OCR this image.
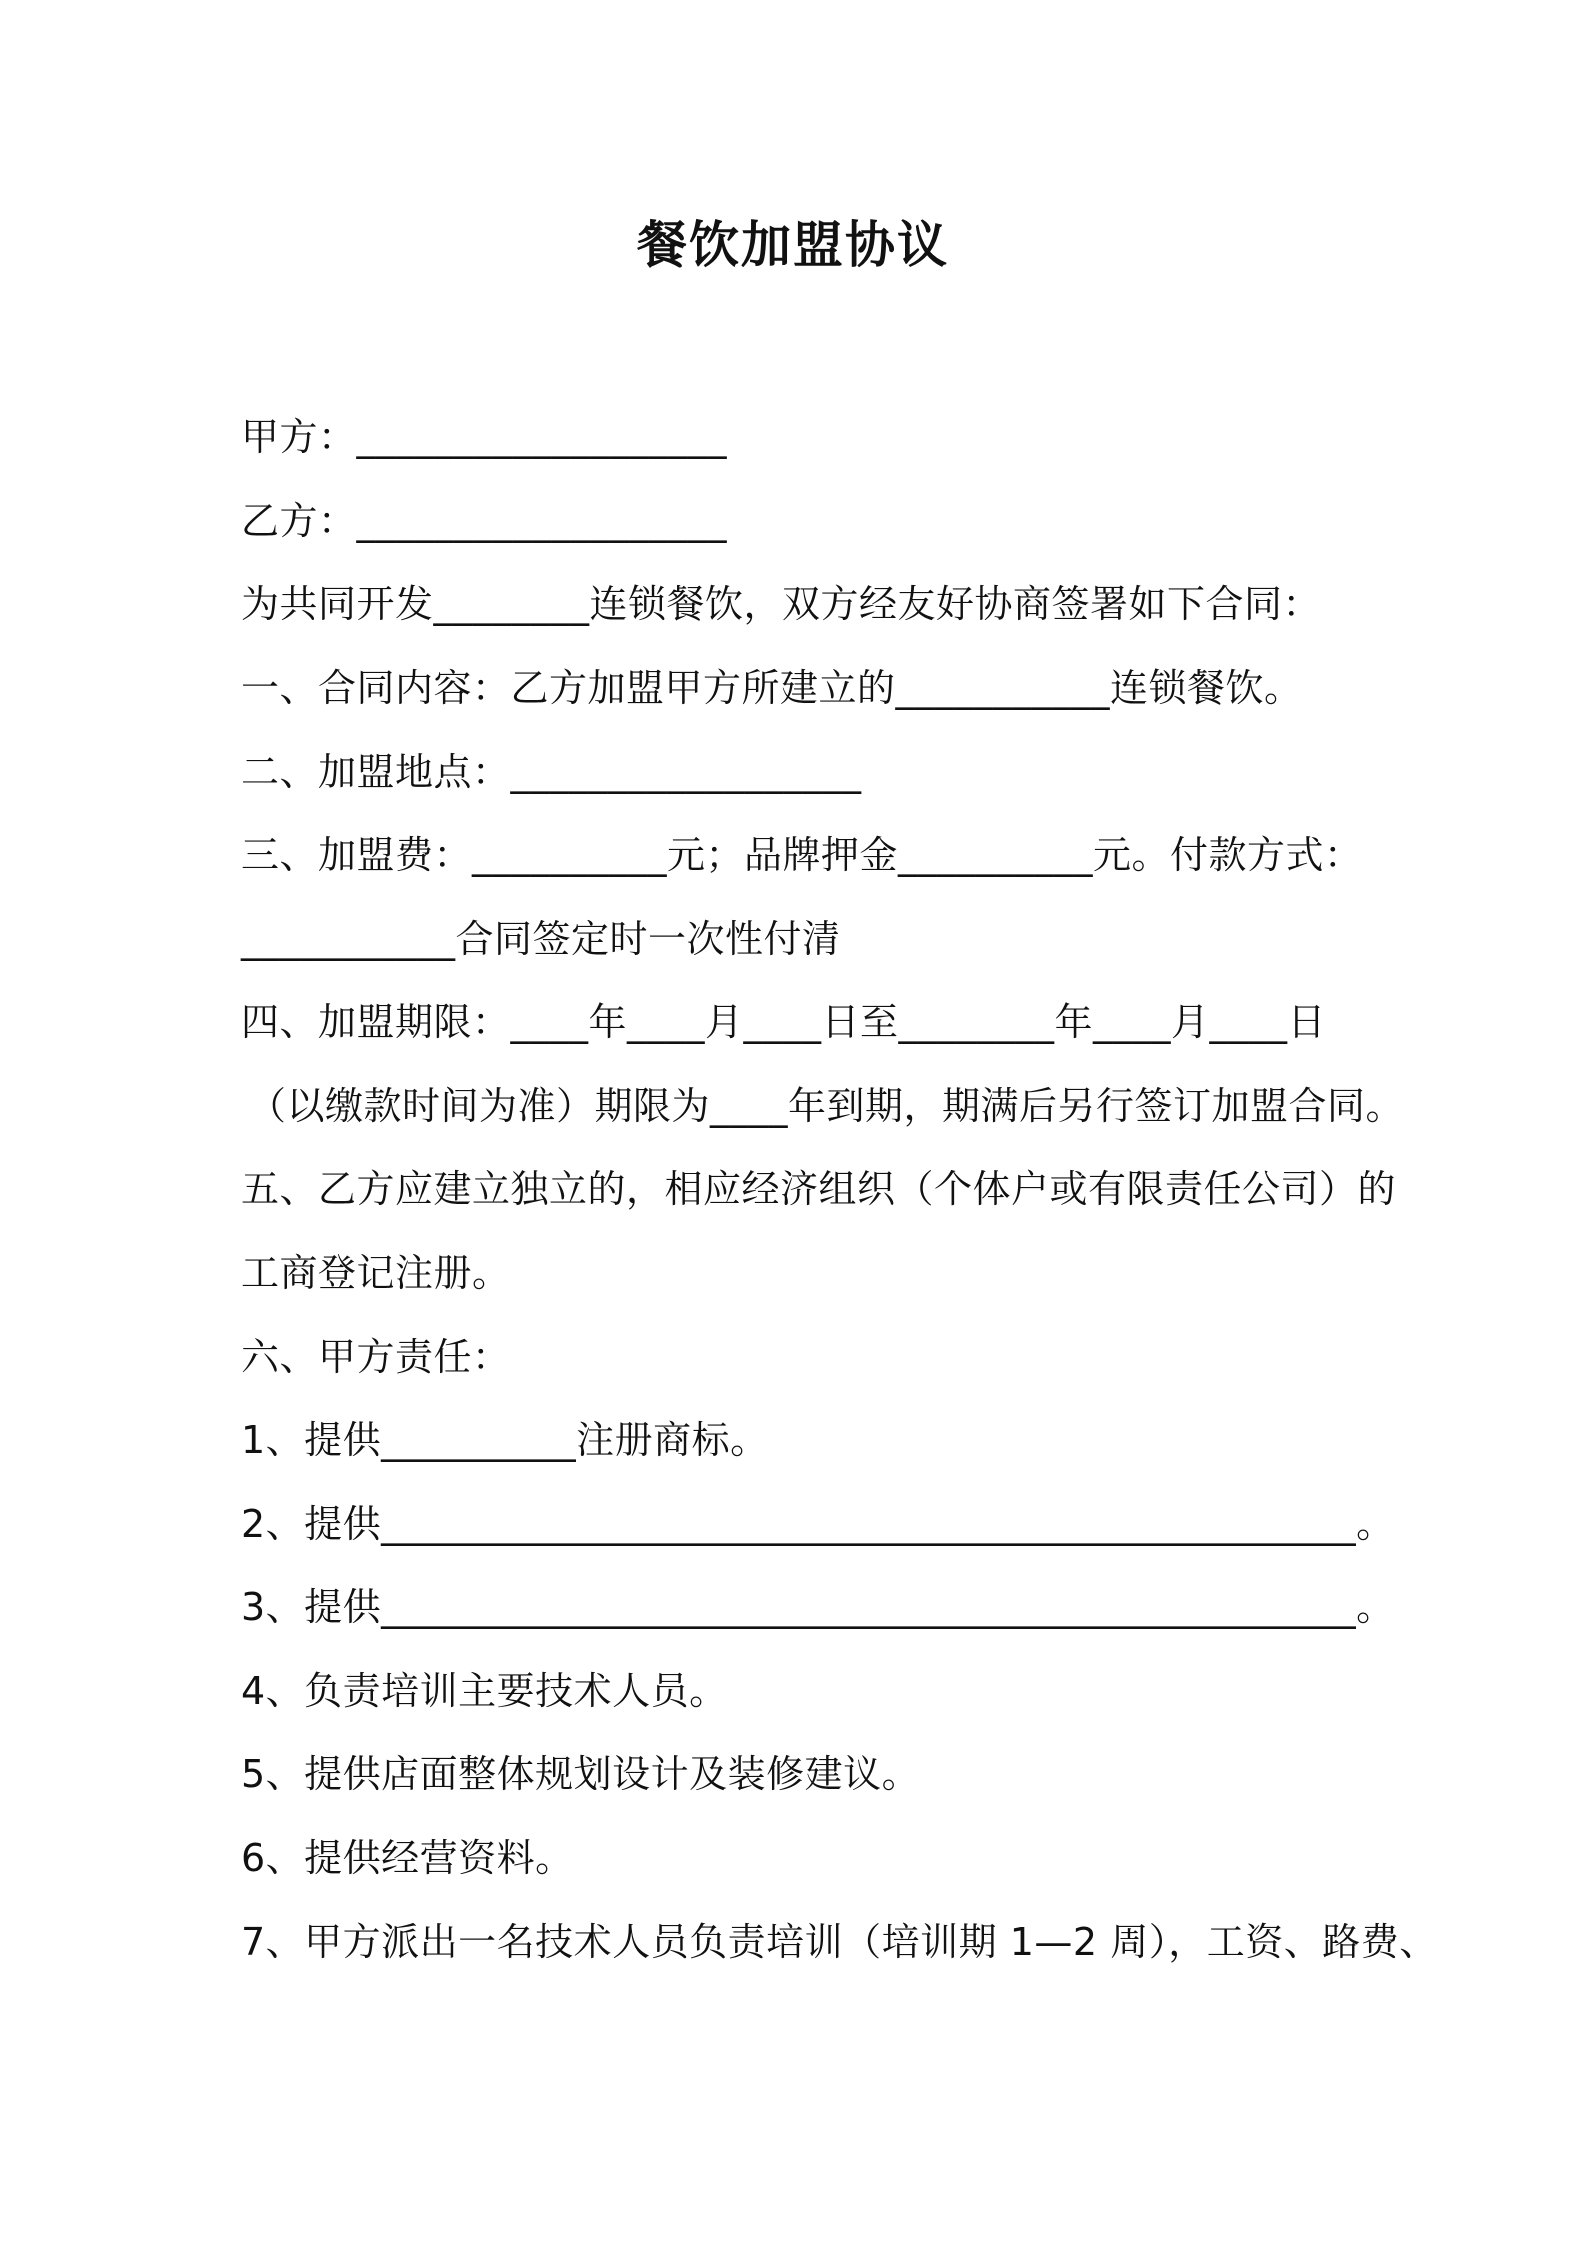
餐饮加盟协议
甲方：___________________
乙方：___________________
为共同开发________连锁餐饮，双方经友好协商签署如下合同：
一、合同内容：乙方加盟甲方所建立的___________连锁餐饮。
二、加盟地点：__________________
三、加盟费：__________元；品牌押金__________元。付款方式：
___________合同签定时一次性付清
四、加盟期限：____年____月____日至________年____月____日
（以缴款时间为准）期限为____年到期，期满后另行签订加盟合同。
五、乙方应建立独立的，相应经济组织（个体户或有限责任公司）的
工商登记注册。
六、甲方责任：
1、提供__________注册商标。
2、提供__________________________________________________。
3、提供__________________________________________________。
4、负责培训主要技术人员。
5、提供店面整体规划设计及装修建议。
6、提供经营资料。
7、甲方派出一名技术人员负责培训（培训期 1—2 周），工资、路费、
